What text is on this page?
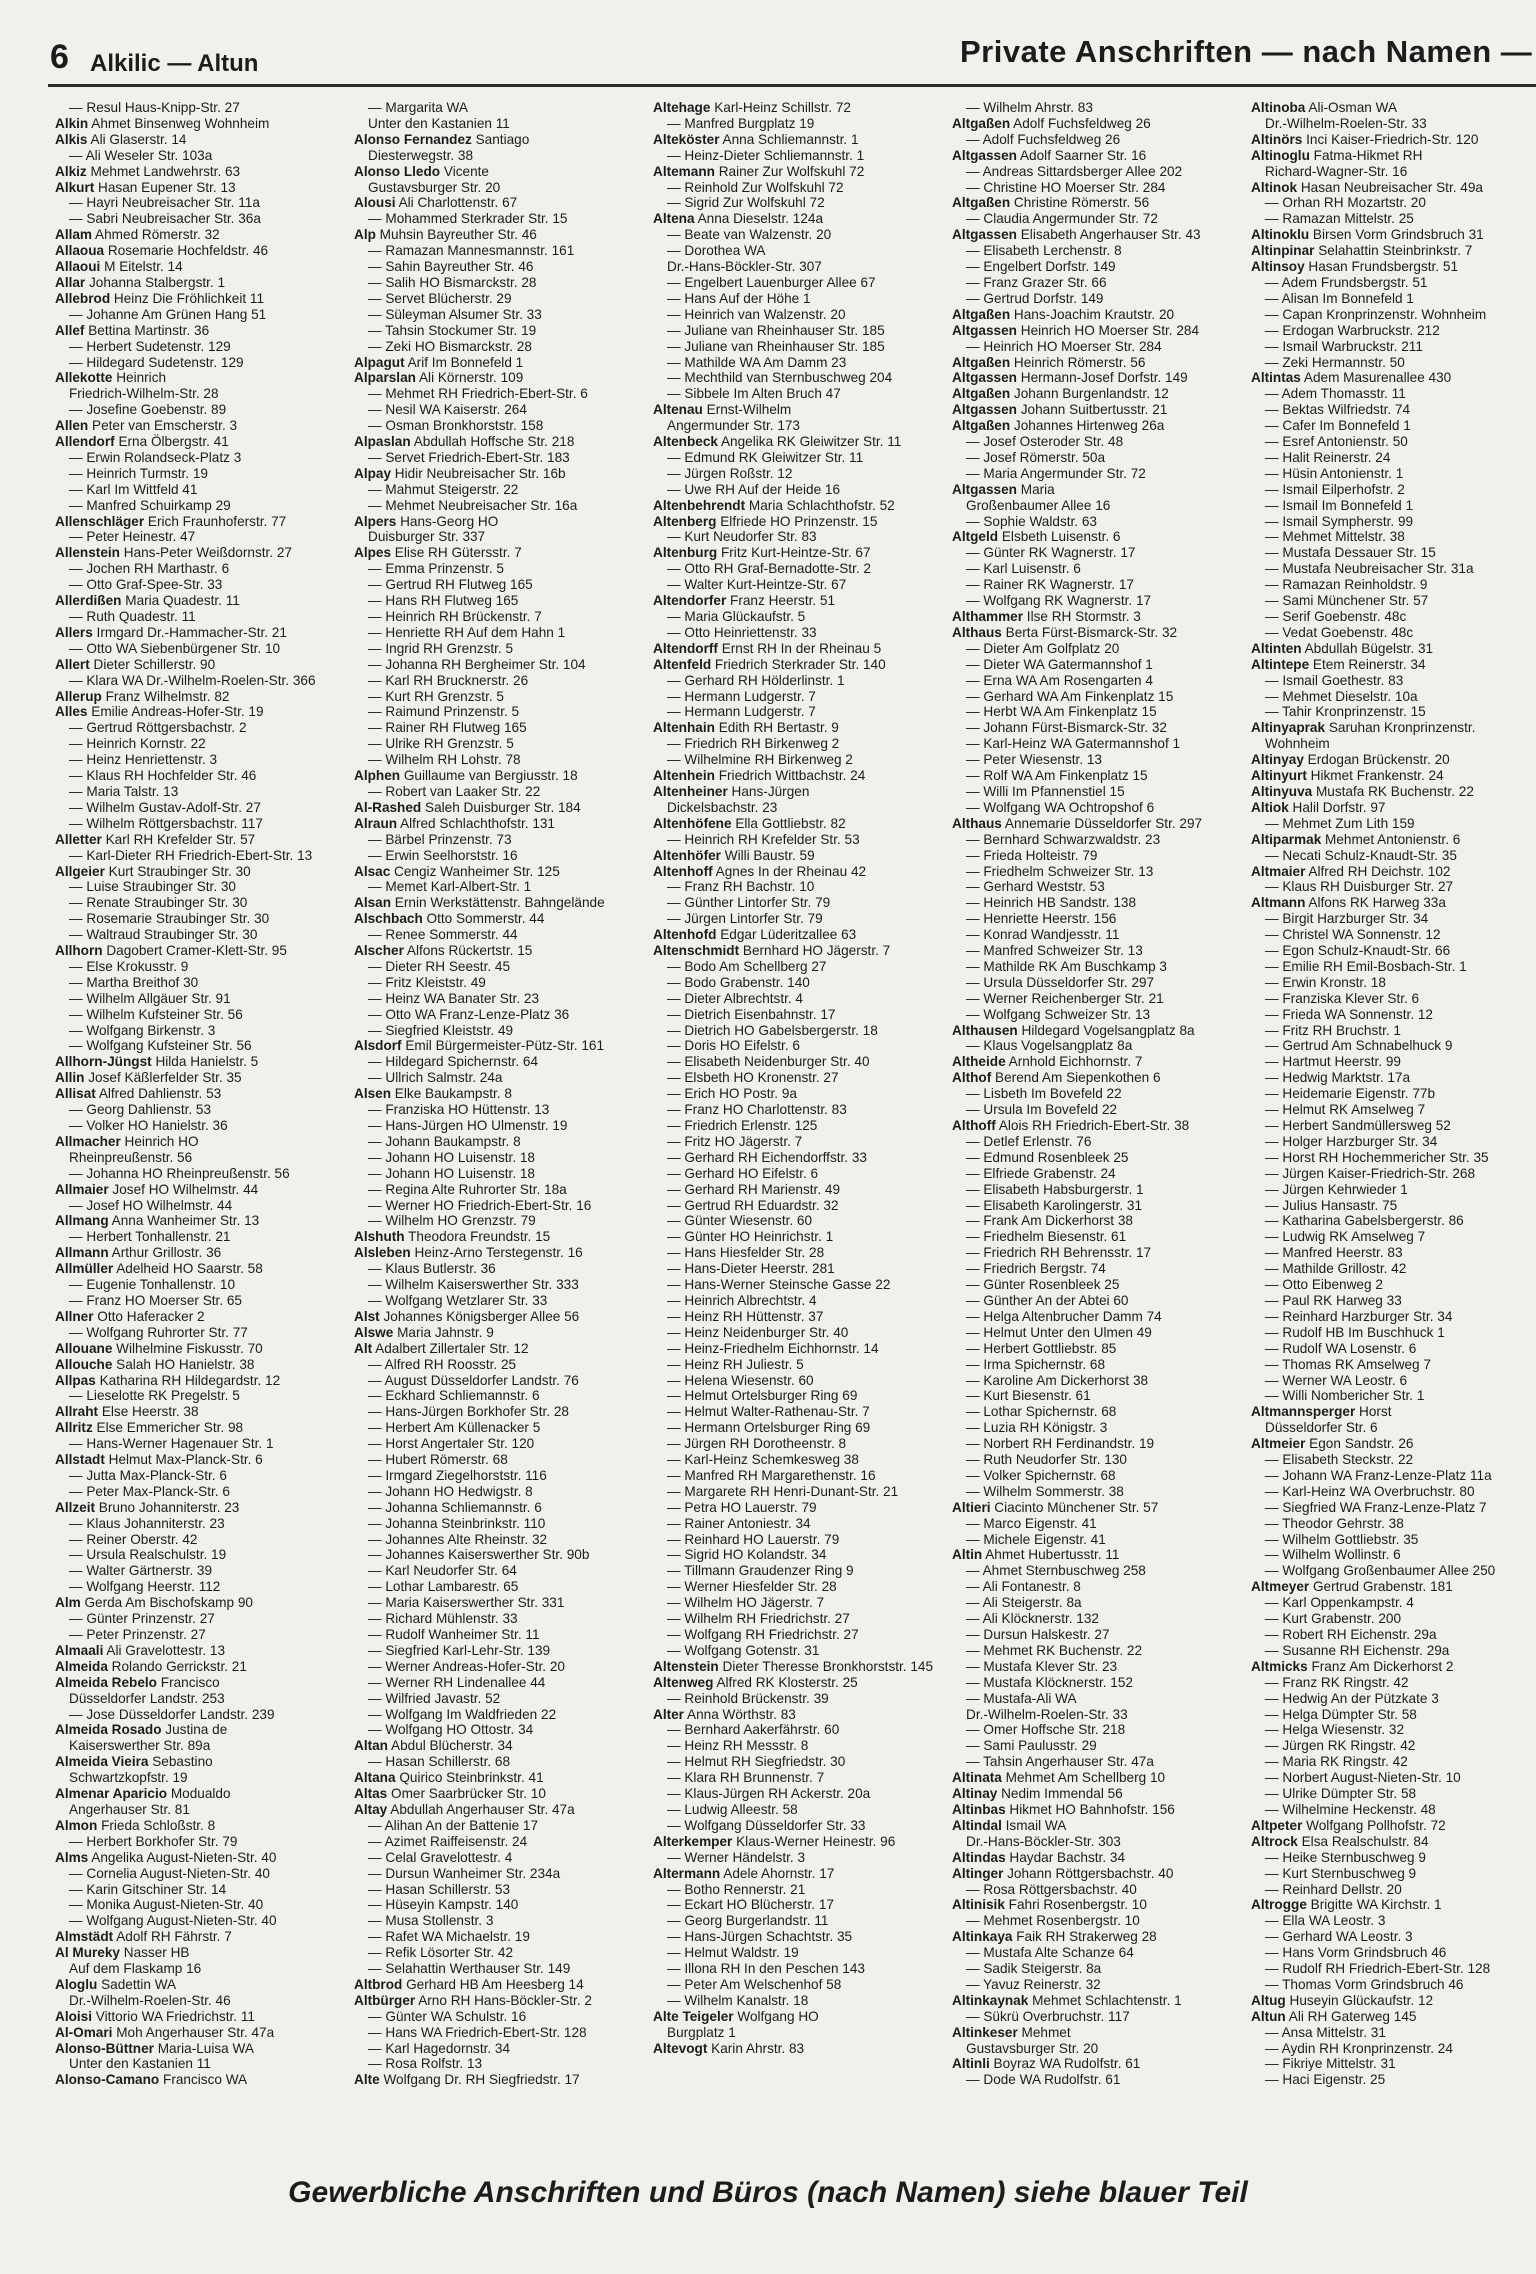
6 Alkilic — Altun	Private Anschriften — nach Namen —
— Resul Haus-Knipp-Str. 27
Alkin Ahmet Binsenweg Wohnheim
Alkis Ali Glaserstr. 14
— Ali Weseler Str. 103a
Alkiz Mehmet Landwehrstr. 63
Alkurt Hasan Eupener Str. 13
— Hayri Neubreisacher Str. 11a
— Sabri Neubreisacher Str. 36a
Allam Ahmed Römerstr. 32
Allaoua Rosemarie Hochfeldstr. 46
Allaoui M Eitelstr. 14
Allar Johanna Stalbergstr. 1
Allebrod Heinz Die Fröhlichkeit 11
— Johanne Am Grünen Hang 51
Allef Bettina Martinstr. 36
— Herbert Sudetenstr. 129
— Hildegard Sudetenstr. 129
Allekotte Heinrich
Friedrich-Wilhelm-Str. 28
— Josefine Goebenstr. 89
Allen Peter van Emscherstr. 3
Allendorf Erna Ölbergstr. 41
— Erwin Rolandseck-Platz 3
— Heinrich Turmstr. 19
— Karl Im Wittfeld 41
— Manfred Schuirkamp 29
Allenschläger Erich Fraunhoferstr. 77
— Peter Heinestr. 47
Allenstein Hans-Peter Weißdornstr. 27
— Jochen RH Marthastr. 6
— Otto Graf-Spee-Str. 33
Allerdißen Maria Quadestr. 11
— Ruth Quadestr. 11
Allers Irmgard Dr.-Hammacher-Str. 21
— Otto WA Siebenbürgener Str. 10
Allert Dieter Schillerstr. 90
— Klara WA Dr.-Wilhelm-Roelen-Str. 366
Allerup Franz Wilhelmstr. 82
Alles Emilie Andreas-Hofer-Str. 19
— Gertrud Röttgersbachstr. 2
— Heinrich Kornstr. 22
— Heinz Henriettenstr. 3
— Klaus RH Hochfelder Str. 46
— Maria Talstr. 13
— Wilhelm Gustav-Adolf-Str. 27
— Wilhelm Röttgersbachstr. 117
Alletter Karl RH Krefelder Str. 57
— Karl-Dieter RH Friedrich-Ebert-Str. 13
Allgeier Kurt Straubinger Str. 30
— Luise Straubinger Str. 30
— Renate Straubinger Str. 30
— Rosemarie Straubinger Str. 30
— Waltraud Straubinger Str. 30
Allhorn Dagobert Cramer-Klett-Str. 95
— Else Krokusstr. 9
— Martha Breithof 30
— Wilhelm Allgäuer Str. 91
— Wilhelm Kufsteiner Str. 56
— Wolfgang Birkenstr. 3
— Wolfgang Kufsteiner Str. 56
Allhorn-Jüngst Hilda Hanielstr. 5
Allin Josef Käßlerfelder Str. 35
Allisat Alfred Dahlienstr. 53
— Georg Dahlienstr. 53
— Volker HO Hanielstr. 36
Allmacher Heinrich HO
Rheinpreußenstr. 56
— Johanna HO Rheinpreußenstr. 56
Allmaier Josef HO Wilhelmstr. 44
— Josef HO Wilhelmstr. 44
Allmang Anna Wanheimer Str. 13
— Herbert Tonhallenstr. 21
Allmann Arthur Grillostr. 36
Allmüller Adelheid HO Saarstr. 58
— Eugenie Tonhallenstr. 10
— Franz HO Moerser Str. 65
Allner Otto Haferacker 2
— Wolfgang Ruhrorter Str. 77
Allouane Wilhelmine Fiskusstr. 70
Allouche Salah HO Hanielstr. 38
Allpas Katharina RH Hildegardstr. 12
— Lieselotte RK Pregelstr. 5
Allraht Else Heerstr. 38
Allritz Else Emmericher Str. 98
— Hans-Werner Hagenauer Str. 1
Allstadt Helmut Max-Planck-Str. 6
— Jutta Max-Planck-Str. 6
— Peter Max-Planck-Str. 6
Allzeit Bruno Johanniterstr. 23
— Klaus Johanniterstr. 23
— Reiner Oberstr. 42
— Ursula Realschulstr. 19
— Walter Gärtnerstr. 39
— Wolfgang Heerstr. 112
Alm Gerda Am Bischofskamp 90
— Günter Prinzenstr. 27
— Peter Prinzenstr. 27
Almaali Ali Gravelottestr. 13
Almeida Rolando Gerrickstr. 21
Almeida Rebelo Francisco
Düsseldorfer Landstr. 253
— Jose Düsseldorfer Landstr. 239
Almeida Rosado Justina de
Kaiserswerther Str. 89a
Almeida Vieira Sebastino
Schwartzkopfstr. 19
Almenar Aparicio Modualdo
Angerhauser Str. 81
Almon Frieda Schloßstr. 8
— Herbert Borkhofer Str. 79
Alms Angelika August-Nieten-Str. 40
— Cornelia August-Nieten-Str. 40
— Karin Gitschiner Str. 14
— Monika August-Nieten-Str. 40
— Wolfgang August-Nieten-Str. 40
Almstädt Adolf RH Fährstr. 7
Al Mureky Nasser HB
Auf dem Flaskamp 16
Aloglu Sadettin WA
Dr.-Wilhelm-Roelen-Str. 46
Aloisi Vittorio WA Friedrichstr. 11
Al-Omari Moh Angerhauser Str. 47a
Alonso-Büttner Maria-Luisa WA
Unter den Kastanien 11
Alonso-Camano Francisco WA
— Margarita WA
Unter den Kastanien 11
Alonso Fernandez Santiago
Diesterwegstr. 38
Alonso Lledo Vicente
Gustavsburger Str. 20
Alousi Ali Charlottenstr. 67
— Mohammed Sterkrader Str. 15
Alp Muhsin Bayreuther Str. 46
— Ramazan Mannesmannstr. 161
— Sahin Bayreuther Str. 46
— Salih HO Bismarckstr. 28
— Servet Blücherstr. 29
— Süleyman Alsumer Str. 33
— Tahsin Stockumer Str. 19
— Zeki HO Bismarckstr. 28
Alpagut Arif Im Bonnefeld 1
Alparslan Ali Körnerstr. 109
— Mehmet RH Friedrich-Ebert-Str. 6
— Nesil WA Kaiserstr. 264
— Osman Bronkhorststr. 158
Alpaslan Abdullah Hoffsche Str. 218
— Servet Friedrich-Ebert-Str. 183
Alpay Hidir Neubreisacher Str. 16b
— Mahmut Steigerstr. 22
— Mehmet Neubreisacher Str. 16a
Alpers Hans-Georg HO
Duisburger Str. 337
Alpes Elise RH Gütersstr. 7
— Emma Prinzenstr. 5
— Gertrud RH Flutweg 165
— Hans RH Flutweg 165
— Heinrich RH Brückenstr. 7
— Henriette RH Auf dem Hahn 1
— Ingrid RH Grenzstr. 5
— Johanna RH Bergheimer Str. 104
— Karl RH Brucknerstr. 26
— Kurt RH Grenzstr. 5
— Raimund Prinzenstr. 5
— Rainer RH Flutweg 165
— Ulrike RH Grenzstr. 5
— Wilhelm RH Lohstr. 78
Alphen Guillaume van Bergiusstr. 18
— Robert van Laaker Str. 22
Al-Rashed Saleh Duisburger Str. 184
Alraun Alfred Schlachthofstr. 131
— Bärbel Prinzenstr. 73
— Erwin Seelhorststr. 16
Alsac Cengiz Wanheimer Str. 125
— Memet Karl-Albert-Str. 1
Alsan Ernin Werkstättenstr. Bahngelände
Alschbach Otto Sommerstr. 44
— Renee Sommerstr. 44
Alscher Alfons Rückertstr. 15
— Dieter RH Seestr. 45
— Fritz Kleiststr. 49
— Heinz WA Banater Str. 23
— Otto WA Franz-Lenze-Platz 36
— Siegfried Kleiststr. 49
Alsdorf Emil Bürgermeister-Pütz-Str. 161
— Hildegard Spichernstr. 64
— Ullrich Salmstr. 24a
Alsen Elke Baukampstr. 8
— Franziska HO Hüttenstr. 13
— Hans-Jürgen HO Ulmenstr. 19
— Johann Baukampstr. 8
— Johann HO Luisenstr. 18
— Johann HO Luisenstr. 18
— Regina Alte Ruhrorter Str. 18a
— Werner HO Friedrich-Ebert-Str. 16
— Wilhelm HO Grenzstr. 79
Alshuth Theodora Freundstr. 15
Alsleben Heinz-Arno Terstegenstr. 16
— Klaus Butlerstr. 36
— Wilhelm Kaiserswerther Str. 333
— Wolfgang Wetzlarer Str. 33
Alst Johannes Königsberger Allee 56
Alswe Maria Jahnstr. 9
Alt Adalbert Zillertaler Str. 12
— Alfred RH Roosstr. 25
— August Düsseldorfer Landstr. 76
— Eckhard Schliemannstr. 6
— Hans-Jürgen Borkhofer Str. 28
— Herbert Am Küllenacker 5
— Horst Angertaler Str. 120
— Hubert Römerstr. 68
— Irmgard Ziegelhorststr. 116
— Johann HO Hedwigstr. 8
— Johanna Schliemannstr. 6
— Johanna Steinbrinkstr. 110
— Johannes Alte Rheinstr. 32
— Johannes Kaiserswerther Str. 90b
— Karl Neudorfer Str. 64
— Lothar Lambarestr. 65
— Maria Kaiserswerther Str. 331
— Richard Mühlenstr. 33
— Rudolf Wanheimer Str. 11
— Siegfried Karl-Lehr-Str. 139
— Werner Andreas-Hofer-Str. 20
— Werner RH Lindenallee 44
— Wilfried Javastr. 52
— Wolfgang Im Waldfrieden 22
— Wolfgang HO Ottostr. 34
Altan Abdul Blücherstr. 34
— Hasan Schillerstr. 68
Altana Quirico Steinbrinkstr. 41
Altas Omer Saarbrücker Str. 10
Altay Abdullah Angerhauser Str. 47a
— Alihan An der Battenie 17
— Azimet Raiffeisenstr. 24
— Celal Gravelottestr. 4
— Dursun Wanheimer Str. 234a
— Hasan Schillerstr. 53
— Hüseyin Kampstr. 140
— Musa Stollenstr. 3
— Rafet WA Michaelstr. 19
— Refik Lösorter Str. 42
— Selahattin Werthauser Str. 149
Altbrod Gerhard HB Am Heesberg 14
Altbürger Arno RH Hans-Böckler-Str. 2
— Günter WA Schulstr. 16
— Hans WA Friedrich-Ebert-Str. 128
— Karl Hagedornstr. 34
— Rosa Rolfstr. 13
Alte Wolfgang Dr. RH Siegfriedstr. 17
Altehage Karl-Heinz Schillstr. 72
— Manfred Burgplatz 19
Alteköster Anna Schliemannstr. 1
— Heinz-Dieter Schliemannstr. 1
Altemann Rainer Zur Wolfskuhl 72
— Reinhold Zur Wolfskuhl 72
— Sigrid Zur Wolfskuhl 72
Altena Anna Dieselstr. 124a
— Beate van Walzenstr. 20
— Dorothea WA
Dr.-Hans-Böckler-Str. 307
— Engelbert Lauenburger Allee 67
— Hans Auf der Höhe 1
— Heinrich van Walzenstr. 20
— Juliane van Rheinhauser Str. 185
— Juliane van Rheinhauser Str. 185
— Mathilde WA Am Damm 23
— Mechthild van Sternbuschweg 204
— Sibbele Im Alten Bruch 47
Altenau Ernst-Wilhelm
Angermunder Str. 173
Altenbeck Angelika RK Gleiwitzer Str. 11
— Edmund RK Gleiwitzer Str. 11
— Jürgen Roßstr. 12
— Uwe RH Auf der Heide 16
Altenbehrendt Maria Schlachthofstr. 52
Altenberg Elfriede HO Prinzenstr. 15
— Kurt Neudorfer Str. 83
Altenburg Fritz Kurt-Heintze-Str. 67
— Otto RH Graf-Bernadotte-Str. 2
— Walter Kurt-Heintze-Str. 67
Altendorfer Franz Heerstr. 51
— Maria Glückaufstr. 5
— Otto Heinriettenstr. 33
Altendorff Ernst RH In der Rheinau 5
Altenfeld Friedrich Sterkrader Str. 140
— Gerhard RH Hölderlinstr. 1
— Hermann Ludgerstr. 7
— Hermann Ludgerstr. 7
Altenhain Edith RH Bertastr. 9
— Friedrich RH Birkenweg 2
— Wilhelmine RH Birkenweg 2
Altenhein Friedrich Wittbachstr. 24
Altenheiner Hans-Jürgen
Dickelsbachstr. 23
Altenhöfene Ella Gottliebstr. 82
— Heinrich RH Krefelder Str. 53
Altenhöfer Willi Baustr. 59
Altenhoff Agnes In der Rheinau 42
— Franz RH Bachstr. 10
— Günther Lintorfer Str. 79
— Jürgen Lintorfer Str. 79
Altenhofd Edgar Lüderitzallee 63
Altenschmidt Bernhard HO Jägerstr. 7
— Bodo Am Schellberg 27
— Bodo Grabenstr. 140
— Dieter Albrechtstr. 4
— Dietrich Eisenbahnstr. 17
— Dietrich HO Gabelsbergerstr. 18
— Doris HO Eifelstr. 6
— Elisabeth Neidenburger Str. 40
— Elsbeth HO Kronenstr. 27
— Erich HO Postr. 9a
— Franz HO Charlottenstr. 83
— Friedrich Erlenstr. 125
— Fritz HO Jägerstr. 7
— Gerhard RH Eichendorffstr. 33
— Gerhard HO Eifelstr. 6
— Gerhard RH Marienstr. 49
— Gertrud RH Eduardstr. 32
— Günter Wiesenstr. 60
— Günter HO Heinrichstr. 1
— Hans Hiesfelder Str. 28
— Hans-Dieter Heerstr. 281
— Hans-Werner Steinsche Gasse 22
— Heinrich Albrechtstr. 4
— Heinz RH Hüttenstr. 37
— Heinz Neidenburger Str. 40
— Heinz-Friedhelm Eichhornstr. 14
— Heinz RH Juliestr. 5
— Helena Wiesenstr. 60
— Helmut Ortelsburger Ring 69
— Helmut Walter-Rathenau-Str. 7
— Hermann Ortelsburger Ring 69
— Jürgen RH Dorotheenstr. 8
— Karl-Heinz Schemkesweg 38
— Manfred RH Margarethenstr. 16
— Margarete RH Henri-Dunant-Str. 21
— Petra HO Lauerstr. 79
— Rainer Antoniestr. 34
— Reinhard HO Lauerstr. 79
— Sigrid HO Kolandstr. 34
— Tillmann Graudenzer Ring 9
— Werner Hiesfelder Str. 28
— Wilhelm HO Jägerstr. 7
— Wilhelm RH Friedrichstr. 27
— Wolfgang RH Friedrichstr. 27
— Wolfgang Gotenstr. 31
Altenstein Dieter Theresse Bronkhorststr. 145
Altenweg Alfred RK Klosterstr. 25
— Reinhold Brückenstr. 39
Alter Anna Wörthstr. 83
— Bernhard Aakerfährstr. 60
— Heinz RH Messstr. 8
— Helmut RH Siegfriedstr. 30
— Klara RH Brunnenstr. 7
— Klaus-Jürgen RH Ackerstr. 20a
— Ludwig Alleestr. 58
— Wolfgang Düsseldorfer Str. 33
Alterkemper Klaus-Werner Heinestr. 96
— Werner Händelstr. 3
Altermann Adele Ahornstr. 17
— Botho Rennerstr. 21
— Eckart HO Blücherstr. 17
— Georg Burgerlandstr. 11
— Hans-Jürgen Schachtstr. 35
— Helmut Waldstr. 19
— Illona RH In den Peschen 143
— Peter Am Welschenhof 58
— Wilhelm Kanalstr. 18
Alte Teigeler Wolfgang HO
Burgplatz 1
Altevogt Karin Ahrstr. 83
— Wilhelm Ahrstr. 83
Altgaßen Adolf Fuchsfeldweg 26
— Adolf Fuchsfeldweg 26
Altgassen Adolf Saarner Str. 16
— Andreas Sittardsberger Allee 202
— Christine HO Moerser Str. 284
Altgaßen Christine Römerstr. 56
— Claudia Angermunder Str. 72
Altgassen Elisabeth Angerhauser Str. 43
— Elisabeth Lerchenstr. 8
— Engelbert Dorfstr. 149
— Franz Grazer Str. 66
— Gertrud Dorfstr. 149
Altgaßen Hans-Joachim Krautstr. 20
Altgassen Heinrich HO Moerser Str. 284
— Heinrich HO Moerser Str. 284
Altgaßen Heinrich Römerstr. 56
Altgassen Hermann-Josef Dorfstr. 149
Altgaßen Johann Burgenlandstr. 12
Altgassen Johann Suitbertusstr. 21
Altgaßen Johannes Hirtenweg 26a
— Josef Osteroder Str. 48
— Josef Römerstr. 50a
— Maria Angermunder Str. 72
Altgassen Maria
Großenbaumer Allee 16
— Sophie Waldstr. 63
Altgeld Elsbeth Luisenstr. 6
— Günter RK Wagnerstr. 17
— Karl Luisenstr. 6
— Rainer RK Wagnerstr. 17
— Wolfgang RK Wagnerstr. 17
Althammer Ilse RH Stormstr. 3
Althaus Berta Fürst-Bismarck-Str. 32
— Dieter Am Golfplatz 20
— Dieter WA Gatermannshof 1
— Erna WA Am Rosengarten 4
— Gerhard WA Am Finkenplatz 15
— Herbt WA Am Finkenplatz 15
— Johann Fürst-Bismarck-Str. 32
— Karl-Heinz WA Gatermannshof 1
— Peter Wiesenstr. 13
— Rolf WA Am Finkenplatz 15
— Willi Im Pfannenstiel 15
— Wolfgang WA Ochtropshof 6
Althaus Annemarie Düsseldorfer Str. 297
— Bernhard Schwarzwaldstr. 23
— Frieda Holteistr. 79
— Friedhelm Schweizer Str. 13
— Gerhard Weststr. 53
— Heinrich HB Sandstr. 138
— Henriette Heerstr. 156
— Konrad Wandjesstr. 11
— Manfred Schweizer Str. 13
— Mathilde RK Am Buschkamp 3
— Ursula Düsseldorfer Str. 297
— Werner Reichenberger Str. 21
— Wolfgang Schweizer Str. 13
Althausen Hildegard Vogelsangplatz 8a
— Klaus Vogelsangplatz 8a
Altheide Arnhold Eichhornstr. 7
Althof Berend Am Siepenkothen 6
— Lisbeth Im Bovefeld 22
— Ursula Im Bovefeld 22
Althoff Alois RH Friedrich-Ebert-Str. 38
— Detlef Erlenstr. 76
— Edmund Rosenbleek 25
— Elfriede Grabenstr. 24
— Elisabeth Habsburgerstr. 1
— Elisabeth Karolingerstr. 31
— Frank Am Dickerhorst 38
— Friedhelm Biesenstr. 61
— Friedrich RH Behrensstr. 17
— Friedrich Bergstr. 74
— Günter Rosenbleek 25
— Günther An der Abtei 60
— Helga Altenbrucher Damm 74
— Helmut Unter den Ulmen 49
— Herbert Gottliebstr. 85
— Irma Spichernstr. 68
— Karoline Am Dickerhorst 38
— Kurt Biesenstr. 61
— Lothar Spichernstr. 68
— Luzia RH Königstr. 3
— Norbert RH Ferdinandstr. 19
— Ruth Neudorfer Str. 130
— Volker Spichernstr. 68
— Wilhelm Sommerstr. 38
Altieri Ciacinto Münchener Str. 57
— Marco Eigenstr. 41
— Michele Eigenstr. 41
Altin Ahmet Hubertusstr. 11
— Ahmet Sternbuschweg 258
— Ali Fontanestr. 8
— Ali Steigerstr. 8a
— Ali Klöcknerstr. 132
— Dursun Halskestr. 27
— Mehmet RK Buchenstr. 22
— Mustafa Klever Str. 23
— Mustafa Klöcknerstr. 152
— Mustafa-Ali WA
Dr.-Wilhelm-Roelen-Str. 33
— Omer Hoffsche Str. 218
— Sami Paulusstr. 29
— Tahsin Angerhauser Str. 47a
Altinata Mehmet Am Schellberg 10
Altinay Nedim Immendal 56
Altinbas Hikmet HO Bahnhofstr. 156
Altindal Ismail WA
Dr.-Hans-Böckler-Str. 303
Altindas Haydar Bachstr. 34
Altinger Johann Röttgersbachstr. 40
— Rosa Röttgersbachstr. 40
Altinisik Fahri Rosenbergstr. 10
— Mehmet Rosenbergstr. 10
Altinkaya Faik RH Strakerweg 28
— Mustafa Alte Schanze 64
— Sadik Steigerstr. 8a
— Yavuz Reinerstr. 32
Altinkaynak Mehmet Schlachtenstr. 1
— Sükrü Overbruchstr. 117
Altinkeser Mehmet
Gustavsburger Str. 20
Altinli Boyraz WA Rudolfstr. 61
— Dode WA Rudolfstr. 61
Altinoba Ali-Osman WA
Dr.-Wilhelm-Roelen-Str. 33
Altinörs Inci Kaiser-Friedrich-Str. 120
Altinoglu Fatma-Hikmet RH
Richard-Wagner-Str. 16
Altinok Hasan Neubreisacher Str. 49a
— Orhan RH Mozartstr. 20
— Ramazan Mittelstr. 25
Altinoklu Birsen Vorm Grindsbruch 31
Altinpinar Selahattin Steinbrinkstr. 7
Altinsoy Hasan Frundsbergstr. 51
— Adem Frundsbergstr. 51
— Alisan Im Bonnefeld 1
— Capan Kronprinzenstr. Wohnheim
— Erdogan Warbruckstr. 212
— Ismail Warbruckstr. 211
— Zeki Hermannstr. 50
Altintas Adem Masurenallee 430
— Adem Thomasstr. 11
— Bektas Wilfriedstr. 74
— Cafer Im Bonnefeld 1
— Esref Antonienstr. 50
— Halit Reinerstr. 24
— Hüsin Antonienstr. 1
— Ismail Eilperhofstr. 2
— Ismail Im Bonnefeld 1
— Ismail Sympherstr. 99
— Mehmet Mittelstr. 38
— Mustafa Dessauer Str. 15
— Mustafa Neubreisacher Str. 31a
— Ramazan Reinholdstr. 9
— Sami Münchener Str. 57
— Serif Goebenstr. 48c
— Vedat Goebenstr. 48c
Altinten Abdullah Bügelstr. 31
Altintepe Etem Reinerstr. 34
— Ismail Goethestr. 83
— Mehmet Dieselstr. 10a
— Tahir Kronprinzenstr. 15
Altinyaprak Saruhan Kronprinzenstr.
Wohnheim
Altinyay Erdogan Brückenstr. 20
Altinyurt Hikmet Frankenstr. 24
Altinyuva Mustafa RK Buchenstr. 22
Altiok Halil Dorfstr. 97
— Mehmet Zum Lith 159
Altiparmak Mehmet Antonienstr. 6
— Necati Schulz-Knaudt-Str. 35
Altmaier Alfred RH Deichstr. 102
— Klaus RH Duisburger Str. 27
Altmann Alfons RK Harweg 33a
— Birgit Harzburger Str. 34
— Christel WA Sonnenstr. 12
— Egon Schulz-Knaudt-Str. 66
— Emilie RH Emil-Bosbach-Str. 1
— Erwin Kronstr. 18
— Franziska Klever Str. 6
— Frieda WA Sonnenstr. 12
— Fritz RH Bruchstr. 1
— Gertrud Am Schnabelhuck 9
— Hartmut Heerstr. 99
— Hedwig Marktstr. 17a
— Heidemarie Eigenstr. 77b
— Helmut RK Amselweg 7
— Herbert Sandmüllersweg 52
— Holger Harzburger Str. 34
— Horst RH Hochemmericher Str. 35
— Jürgen Kaiser-Friedrich-Str. 268
— Jürgen Kehrwieder 1
— Julius Hansastr. 75
— Katharina Gabelsbergerstr. 86
— Ludwig RK Amselweg 7
— Manfred Heerstr. 83
— Mathilde Grillostr. 42
— Otto Eibenweg 2
— Paul RK Harweg 33
— Reinhard Harzburger Str. 34
— Rudolf HB Im Buschhuck 1
— Rudolf WA Losenstr. 6
— Thomas RK Amselweg 7
— Werner WA Leostr. 6
— Willi Nombericher Str. 1
Altmannsperger Horst
Düsseldorfer Str. 6
Altmeier Egon Sandstr. 26
— Elisabeth Steckstr. 22
— Johann WA Franz-Lenze-Platz 11a
— Karl-Heinz WA Overbruchstr. 80
— Siegfried WA Franz-Lenze-Platz 7
— Theodor Gehrstr. 38
— Wilhelm Gottliebstr. 35
— Wilhelm Wollinstr. 6
— Wolfgang Großenbaumer Allee 250
Altmeyer Gertrud Grabenstr. 181
— Karl Oppenkampstr. 4
— Kurt Grabenstr. 200
— Robert RH Eichenstr. 29a
— Susanne RH Eichenstr. 29a
Altmicks Franz Am Dickerhorst 2
— Franz RK Ringstr. 42
— Hedwig An der Pützkate 3
— Helga Dümpter Str. 58
— Helga Wiesenstr. 32
— Jürgen RK Ringstr. 42
— Maria RK Ringstr. 42
— Norbert August-Nieten-Str. 10
— Ulrike Dümpter Str. 58
— Wilhelmine Heckenstr. 48
Altpeter Wolfgang Pollhofstr. 72
Altrock Elsa Realschulstr. 84
— Heike Sternbuschweg 9
— Kurt Sternbuschweg 9
— Reinhard Dellstr. 20
Altrogge Brigitte WA Kirchstr. 1
— Ella WA Leostr. 3
— Gerhard WA Leostr. 3
— Hans Vorm Grindsbruch 46
— Rudolf RH Friedrich-Ebert-Str. 128
— Thomas Vorm Grindsbruch 46
Altug Huseyin Glückaufstr. 12
Altun Ali RH Gaterweg 145
— Ansa Mittelstr. 31
— Aydin RH Kronprinzenstr. 24
— Fikriye Mittelstr. 31
— Haci Eigenstr. 25
Gewerbliche Anschriften und Büros (nach Namen) siehe blauer Teil
